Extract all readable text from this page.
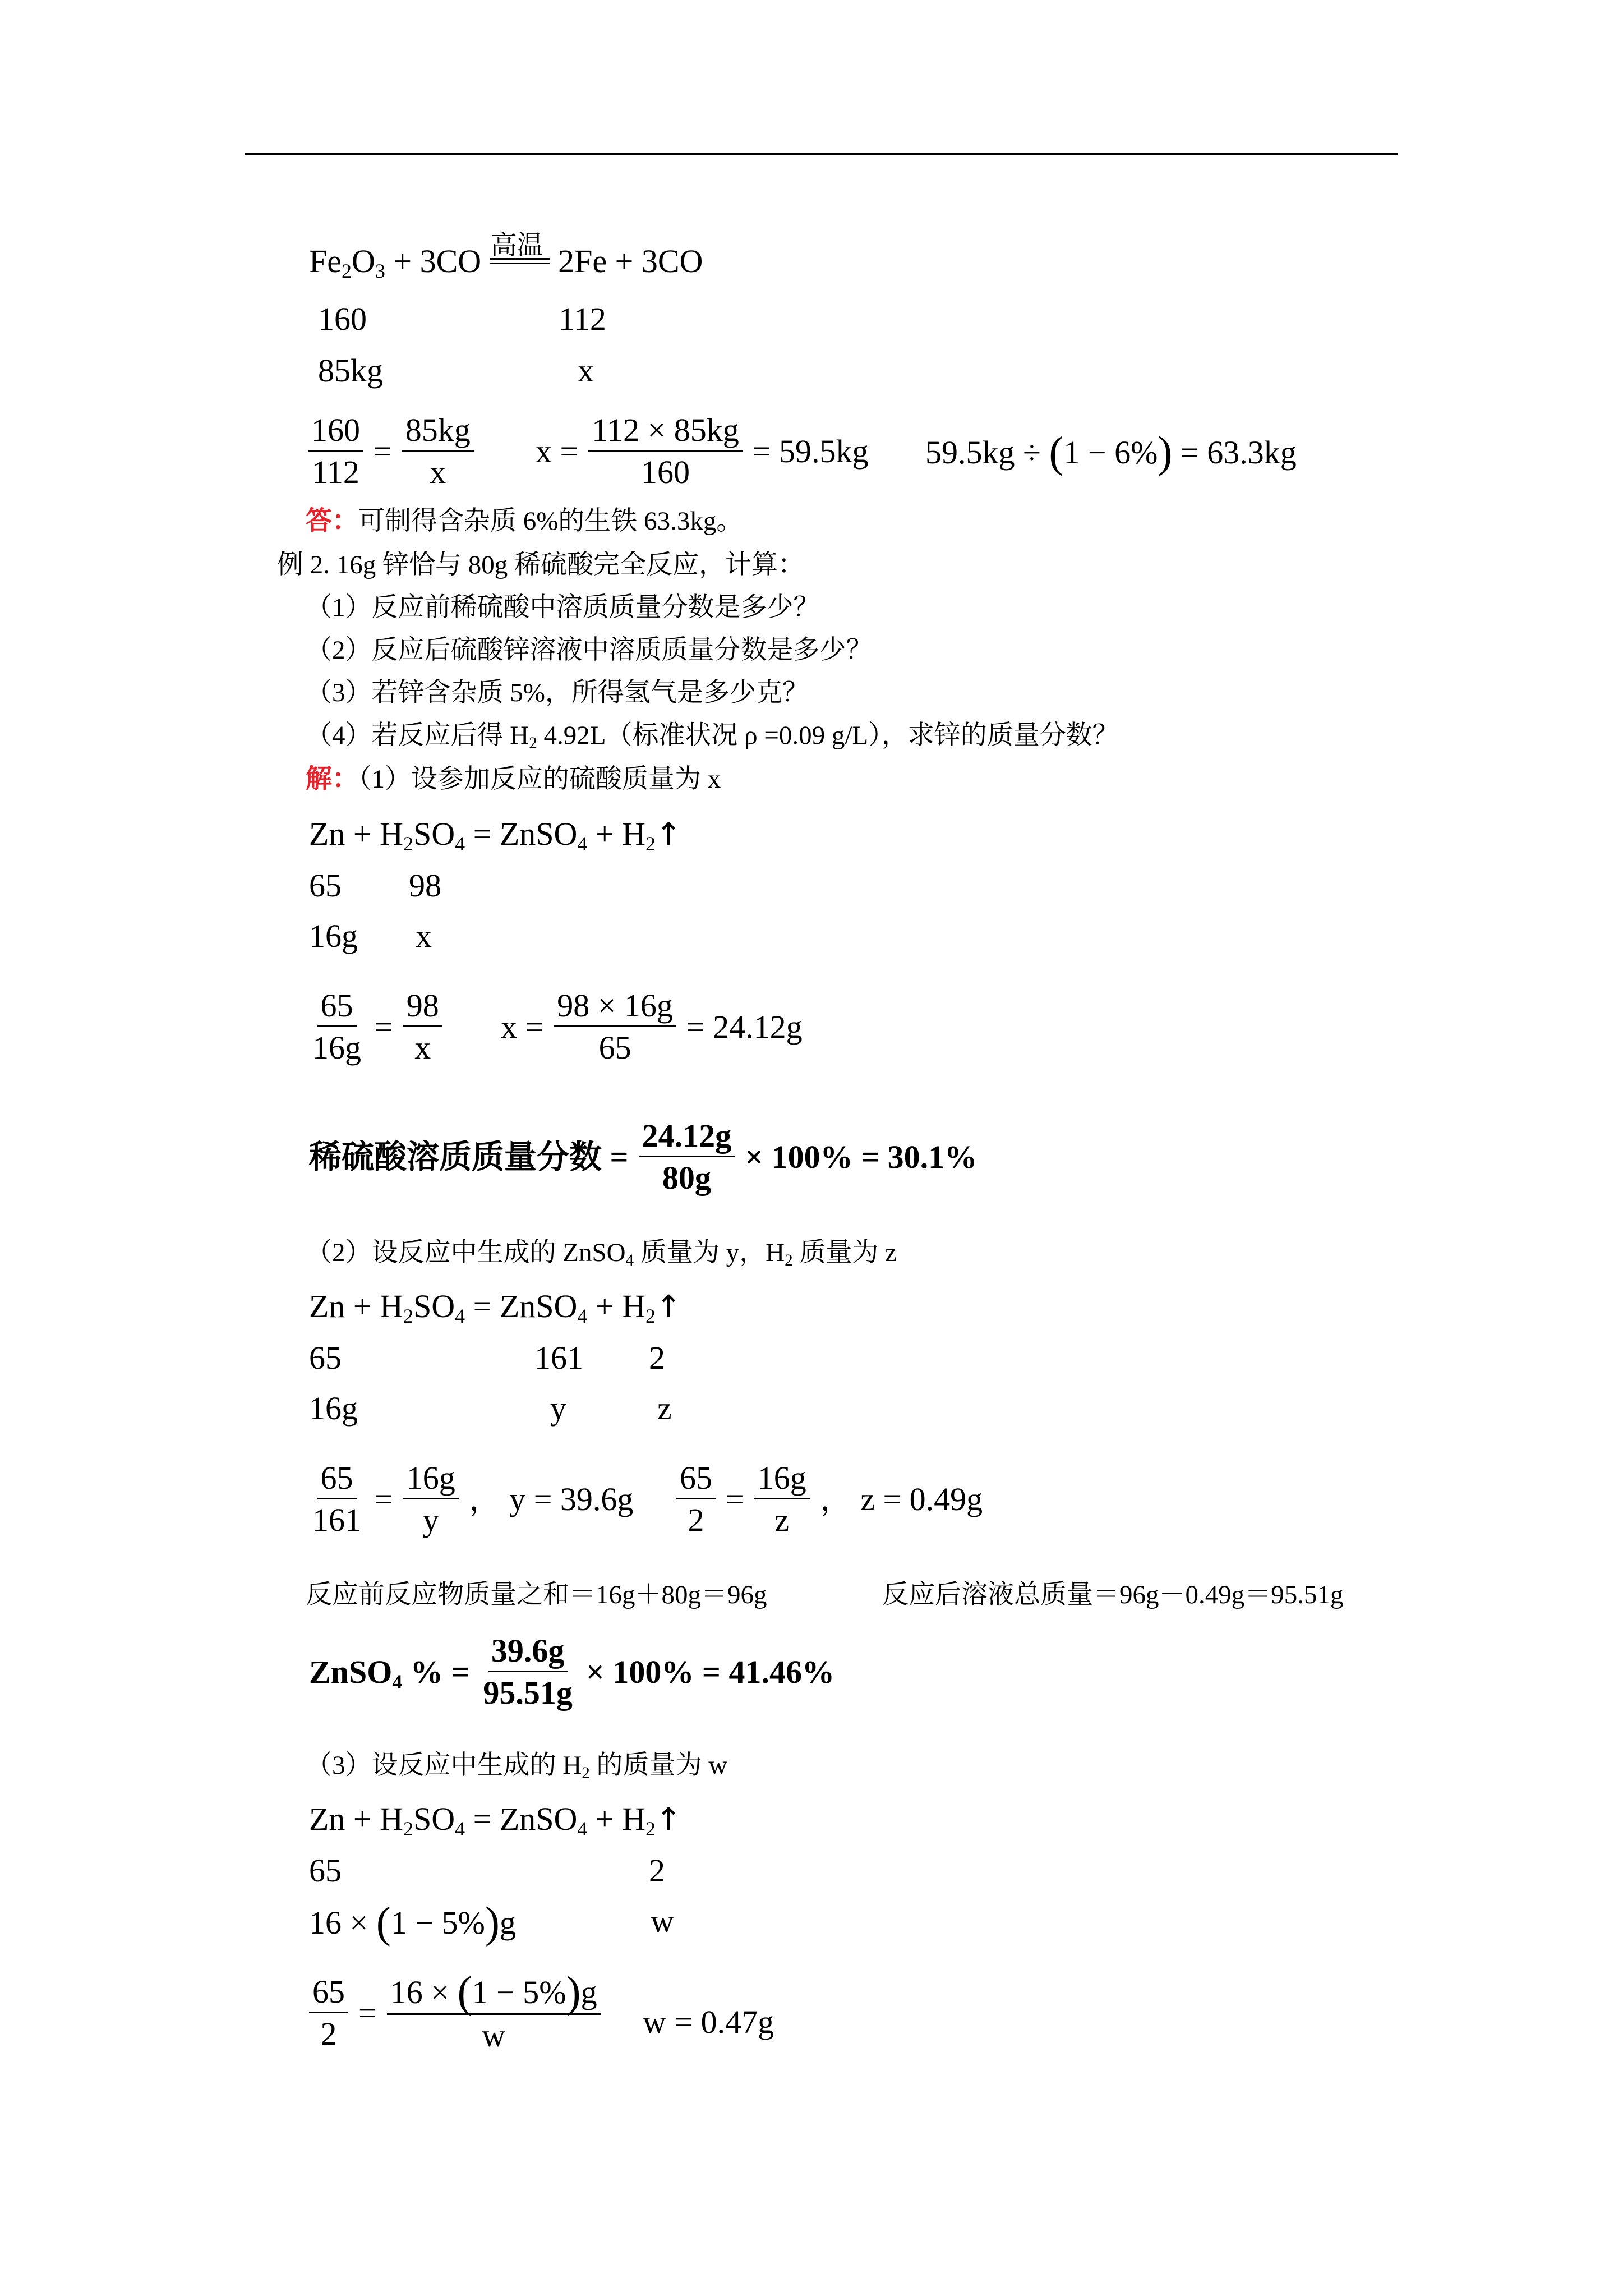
$Fe_2O_3 + 3CO$ 高温 2Fe + 3CO
160	112
85kg	x
$\frac{160}{112} = \frac{85kg}{x}$ $x = \frac{112 \times 85kg}{160} = 59.5kg$ 59.5kg ÷ (1 − 6%) = 63.3kg
答：可制得含杂质 6%的生铁 63.3kg。
例 2. 16g 锌恰与 80g 稀硫酸完全反应，计算：
（1）反应前稀硫酸中溶质质量分数是多少？
（2）反应后硫酸锌溶液中溶质质量分数是多少？
（3）若锌含杂质 5%，所得氢气是多少克？
（4）若反应后得 $H_2$ 4.92L（标准状况 ρ =0.09 g/L），求锌的质量分数？
解：（1）设参加反应的硫酸质量为 x
$Zn + H_2SO_4$ = ZnSO$_4$ + $H_2↑$
65 98
16g x
$\frac{65}{16g} = \frac{98}{x}$ $x = \frac{98 \times 16g}{65} = 24.12g$
稀硫酸溶质质量分数 = $\frac{24.12g}{80g} \times 100\% = 30.1\%$
（2）设反应中生成的 ZnSO$_4$ 质量为 y，$H_2$ 质量为 z
$Zn + H_2SO_4$ = ZnSO$_4$ + $H_2↑$
65	161 2
16g	y	z
$\frac{65}{161} = \frac{16g}{y}$ ， $y = 39.6g \frac{65}{2} = \frac{16g}{z}$ ， z = 0.49g
反应前反应物质量之和＝16g＋80g＝96g	反应后溶液总质量＝96g－0.49g＝95.51g
ZnSO$_4$ % = $\frac{39.6g}{95.51g} \times 100\% = 41.46\%$
（3）设反应中生成的 $H_2$ 的质量为 w
$Zn + H_2SO_4$ = ZnSO$_4$ + $H_2↑$
65	2
16 × (1 − 5%)g	w
$\frac{65}{2} = \frac{16 \times (1 - 5\%)g}{w}$ w = 0.47g
